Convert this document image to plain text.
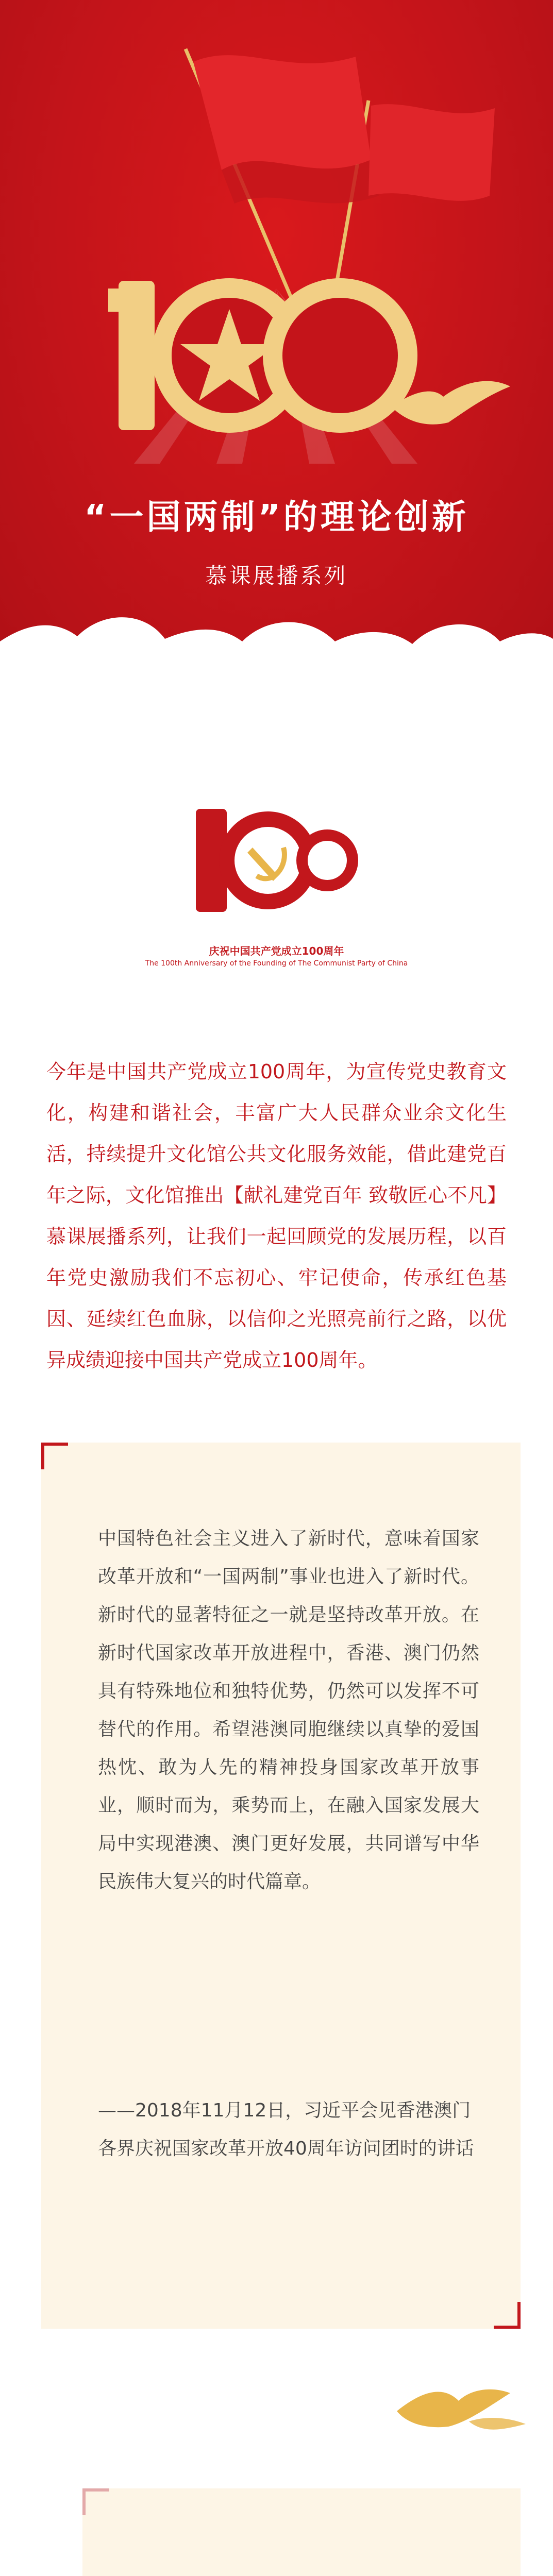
“一国两制”的理论创新
慕课展播系列
庆祝中国共产党成立100周年
The 100th Anniversary of the Founding of The Communist Party of China
今年是中国共产党成立100周年，为宣传党史教育文化，构建和谐社会，丰富广大人民群众业余文化生活，持续提升文化馆公共文化服务效能，借此建党百年之际，文化馆推出【献礼建党百年 致敬匠心不凡】慕课展播系列，让我们一起回顾党的发展历程，以百年党史激励我们不忘初心、牢记使命，传承红色基因、延续红色血脉，以信仰之光照亮前行之路，以优异成绩迎接中国共产党成立100周年。
中国特色社会主义进入了新时代，意味着国家改革开放和“一国两制”事业也进入了新时代。新时代的显著特征之一就是坚持改革开放。在新时代国家改革开放进程中，香港、澳门仍然具有特殊地位和独特优势，仍然可以发挥不可替代的作用。希望港澳同胞继续以真挚的爱国热忱、敢为人先的精神投身国家改革开放事业，顺时而为，乘势而上，在融入国家发展大局中实现港澳、澳门更好发展，共同谱写中华民族伟大复兴的时代篇章。
——2018年11月12日，习近平会见香港澳门各界庆祝国家改革开放40周年访问团时的讲话
